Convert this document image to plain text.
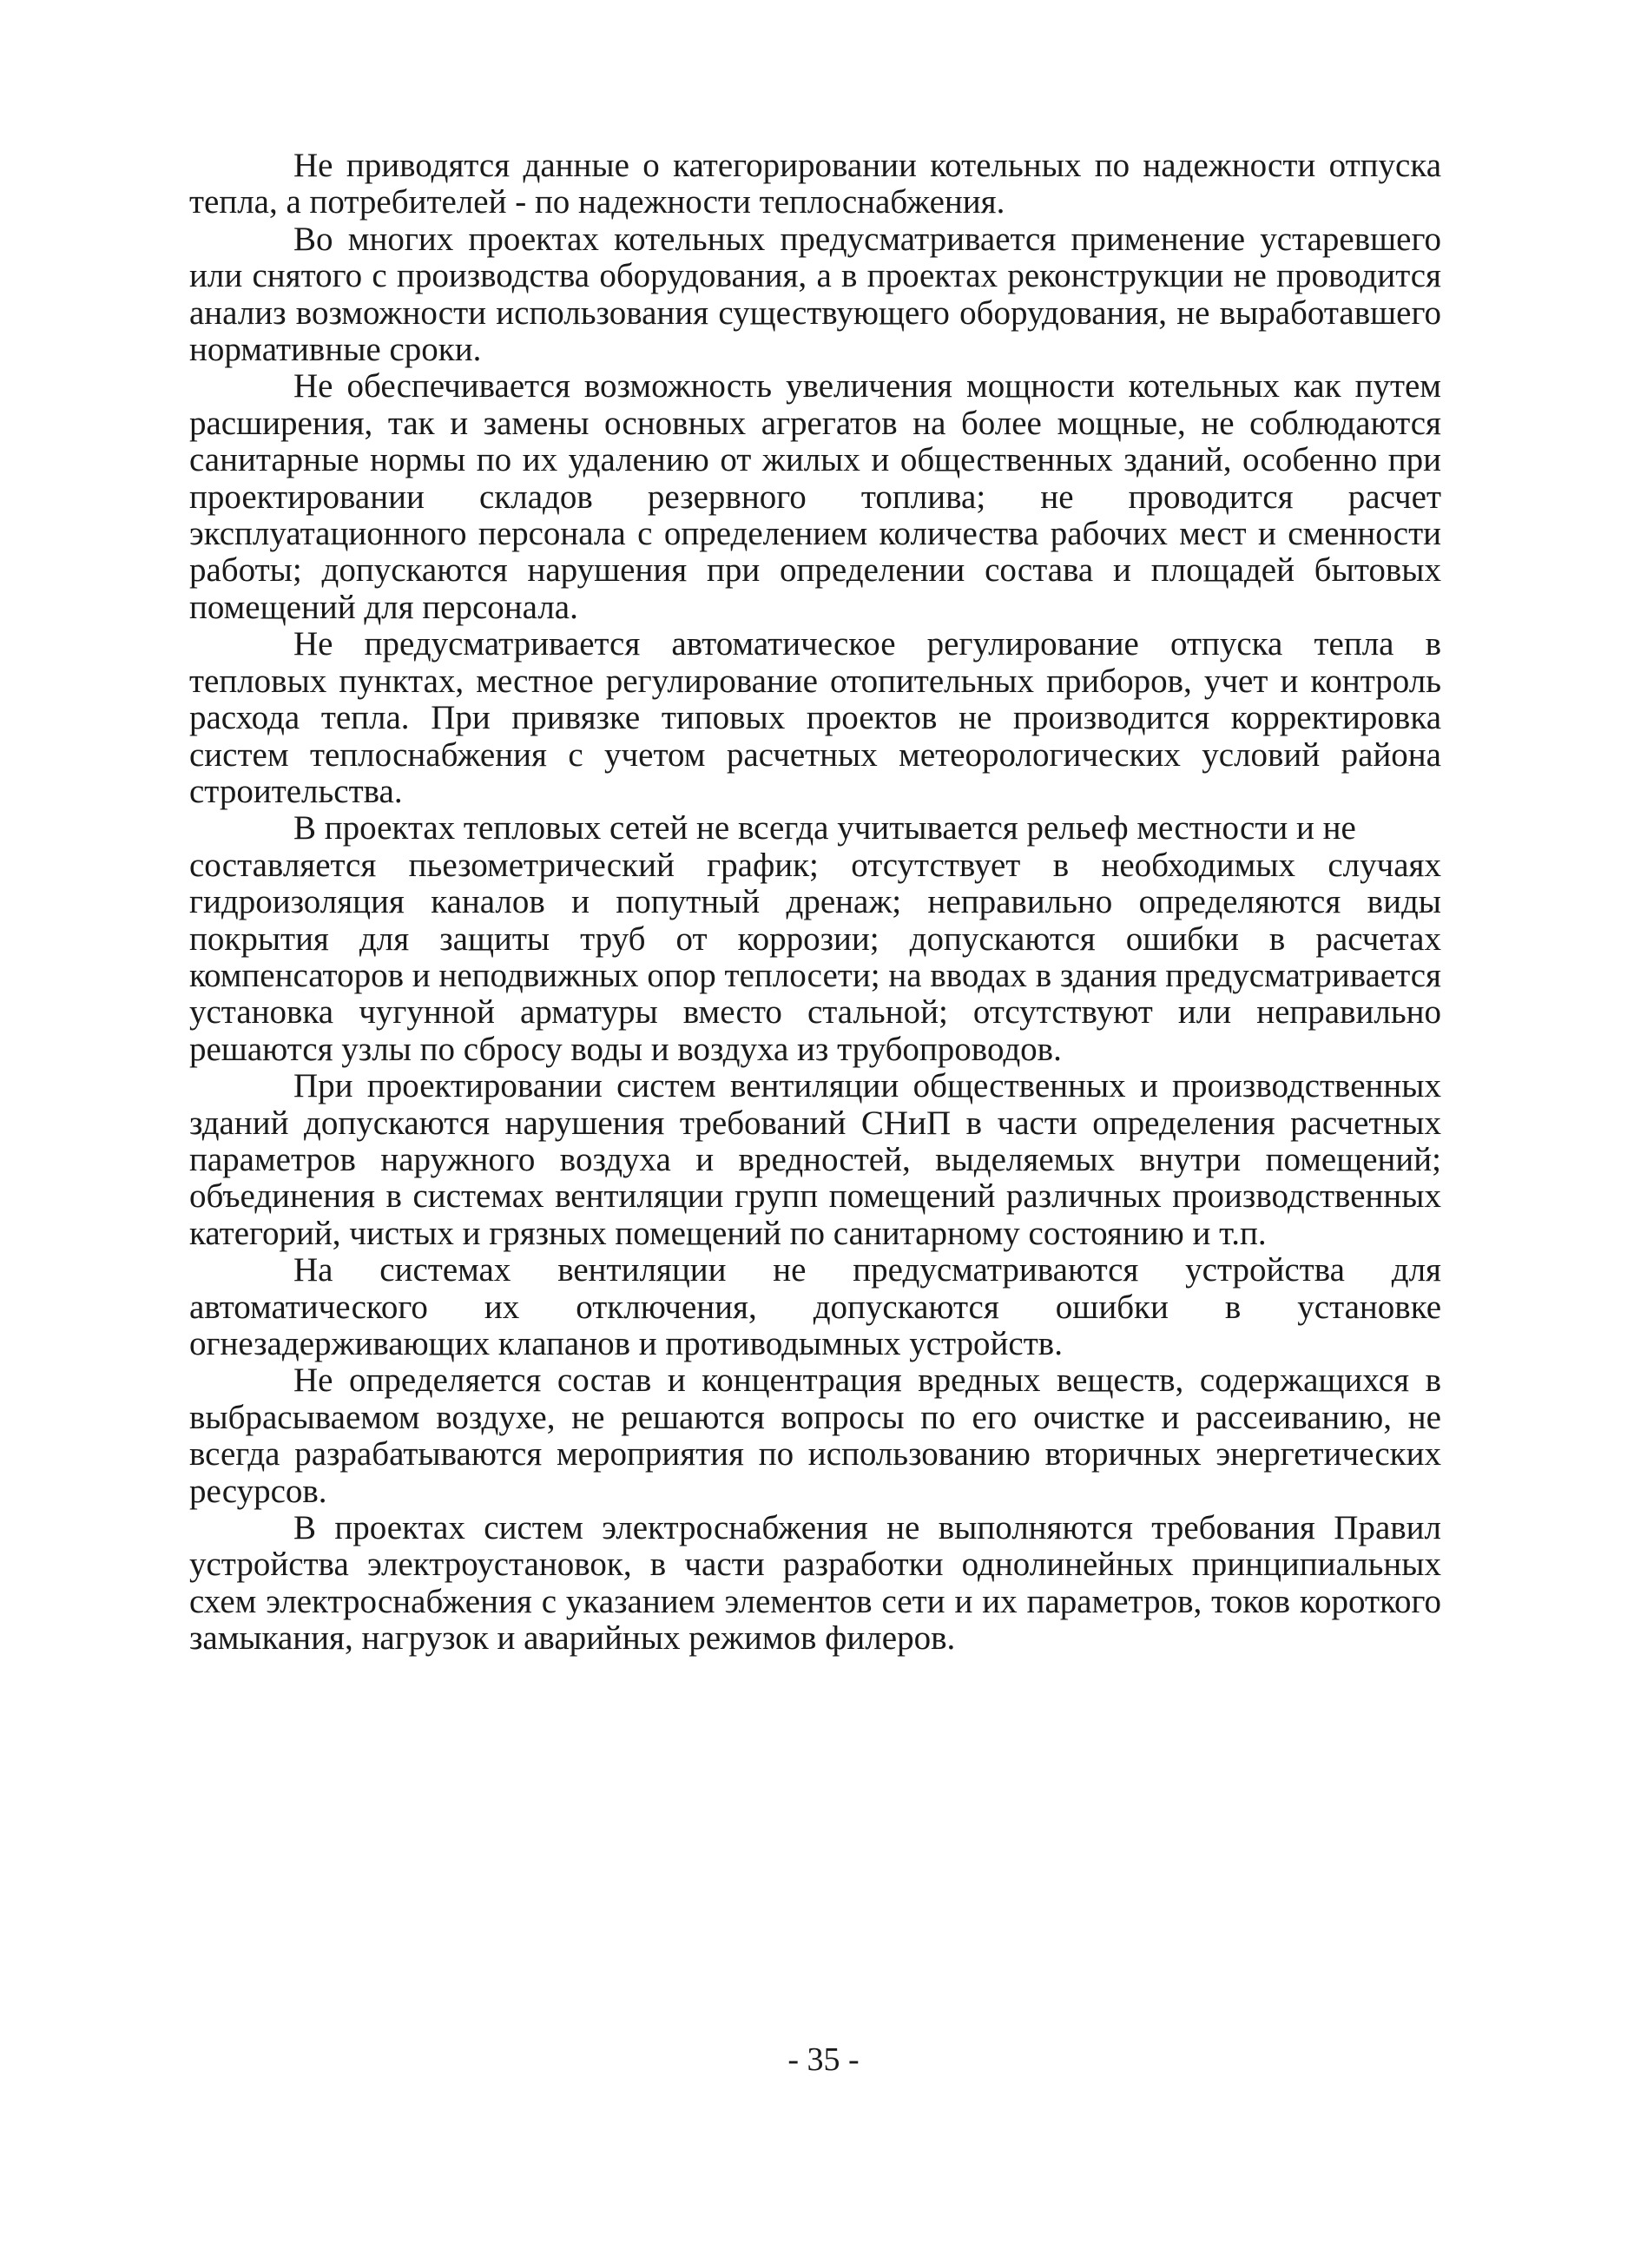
Не приводятся данные о категорировании котельных по надежности отпуска тепла, а потребителей - по надежности теплоснабжения.

Во многих проектах котельных предусматривается применение устаревшего или снятого с производства оборудования, а в проектах реконструкции не проводится анализ возможности использования существующего оборудования, не выработавшего нормативные сроки.

Не обеспечивается возможность увеличения мощности котельных как путем расширения, так и замены основных агрегатов на более мощные, не соблюдаются санитарные нормы по их удалению от жилых и общественных зданий, особенно при проектировании складов резервного топлива; не проводится расчет эксплуатационного персонала с определением количества рабочих мест и сменности работы; допускаются нарушения при определении состава и площадей бытовых помещений для персонала.

Не предусматривается автоматическое регулирование отпуска тепла в тепловых пунктах, местное регулирование отопительных приборов, учет и контроль расхода тепла. При привязке типовых проектов не производится корректировка систем теплоснабжения с учетом расчетных метеорологических условий района строительства.

В проектах тепловых сетей не всегда учитывается рельеф местности и не

составляется пьезометрический график; отсутствует в необходимых случаях гидроизоляция каналов и попутный дренаж; неправильно определяются виды покрытия для защиты труб от коррозии; допускаются ошибки в расчетах компенсаторов и неподвижных опор теплосети; на вводах в здания предусматривается установка чугунной арматуры вместо стальной; отсутствуют или неправильно решаются узлы по сбросу воды и воздуха из трубопроводов.

При проектировании систем вентиляции общественных и производственных зданий допускаются нарушения требований СНиП в части определения расчетных параметров наружного воздуха и вредностей, выделяемых внутри помещений; объединения в системах вентиляции групп помещений различных производственных категорий, чистых и грязных помещений по санитарному состоянию и т.п.

На системах вентиляции не предусматриваются устройства для автоматического их отключения, допускаются ошибки в установке огнезадерживающих клапанов и противодымных устройств.

Не определяется состав и концентрация вредных веществ, содержащихся в выбрасываемом воздухе, не решаются вопросы по его очистке и рассеиванию, не всегда разрабатываются мероприятия по использованию вторичных энергетических ресурсов.

В проектах систем электроснабжения не выполняются требования Правил устройства электроустановок, в части разработки однолинейных принципиальных схем электроснабжения с указанием элементов сети и их параметров, токов короткого замыкания, нагрузок и аварийных режимов филеров.

- 35 -
